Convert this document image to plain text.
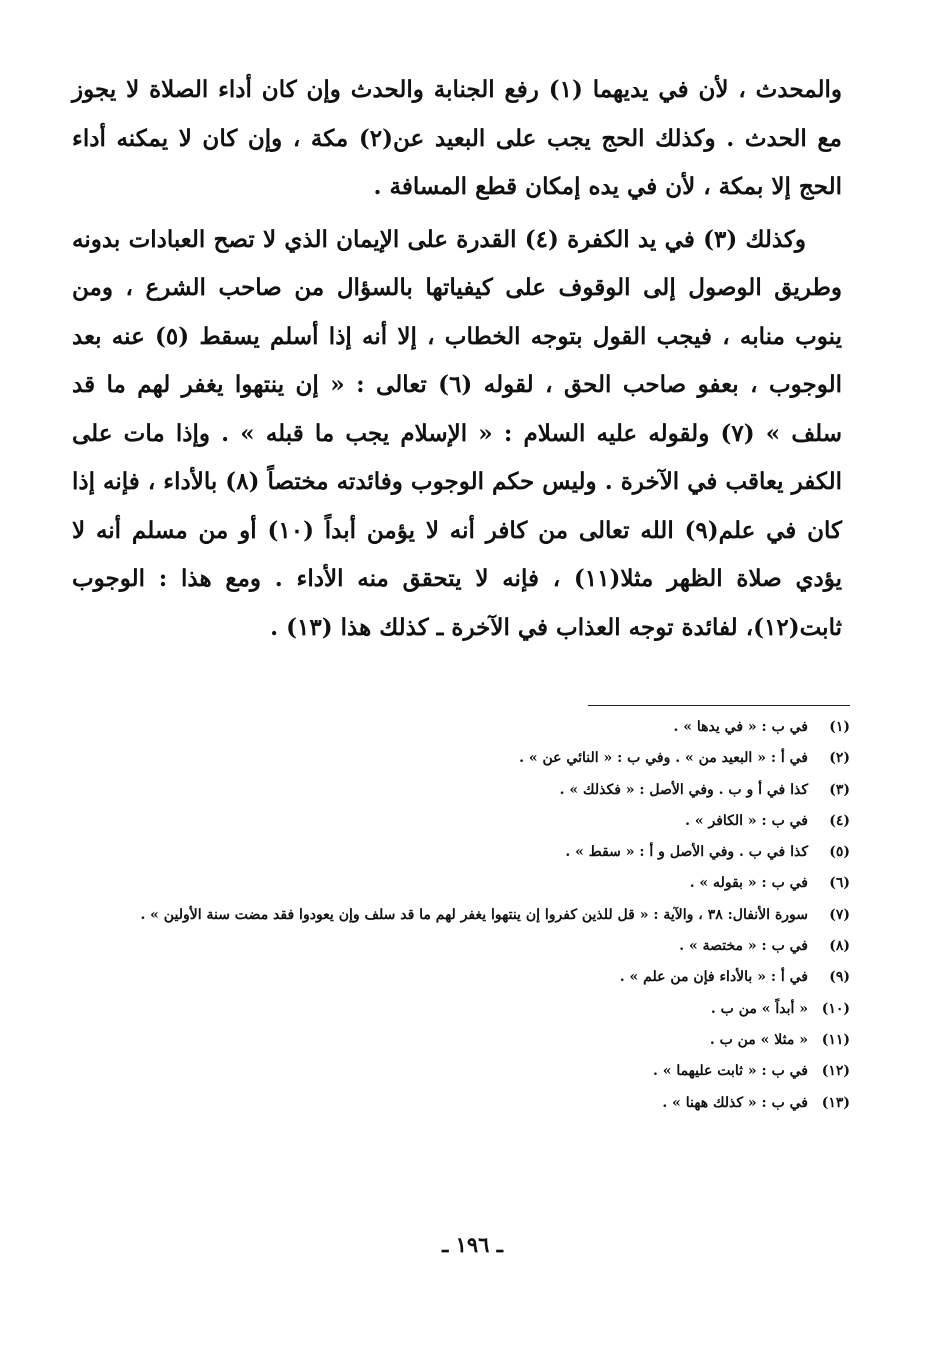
والمحدث ، لأن في يديهما (١) رفع الجنابة والحدث وإن كان أداء الصلاة لا يجوز مع الحدث . وكذلك الحج يجب على البعيد عن(٢) مكة ، وإن كان لا يمكنه أداء الحج إلا بمكة ، لأن في يده إمكان قطع المسافة .

وكذلك (٣) في يد الكفرة (٤) القدرة على الإيمان الذي لا تصح العبادات بدونه وطريق الوصول إلى الوقوف على كيفياتها بالسؤال من صاحب الشرع ، ومن ينوب منابه ، فيجب القول بتوجه الخطاب ، إلا أنه إذا أسلم يسقط (٥) عنه بعد الوجوب ، بعفو صاحب الحق ، لقوله (٦) تعالى : « إن ينتهوا يغفر لهم ما قد سلف » (٧) ولقوله عليه السلام : « الإسلام يجب ما قبله » . وإذا مات على الكفر يعاقب في الآخرة . وليس حكم الوجوب وفائدته مختصاً (٨) بالأداء ، فإنه إذا كان في علم(٩) الله تعالى من كافر أنه لا يؤمن أبداً (١٠) أو من مسلم أنه لا يؤدي صلاة الظهر مثلا(١١) ، فإنه لا يتحقق منه الأداء . ومع هذا : الوجوب ثابت(١٢)، لفائدة توجه العذاب في الآخرة ـ كذلك هذا (١٣) .

(١)
في ب : « في يدها » .
(٢)
في أ : « البعيد من » . وفي ب : « النائي عن » .
(٣)
كذا في أ و ب . وفي الأصل : « فكذلك » .
(٤)
في ب : « الكافر » .
(٥)
كذا في ب . وفي الأصل و أ : « سقط » .
(٦)
في ب : « بقوله » .
(٧)
سورة الأنفال: ٣٨ ، والآية : « قل للذين كفروا إن ينتهوا يغفر لهم ما قد سلف وإن يعودوا فقد مضت سنة الأولين » .
(٨)
في ب : « مختصة » .
(٩)
في أ : « بالأداء فإن من علم » .
(١٠)
« أبداً » من ب .
(١١)
« مثلا » من ب .
(١٢)
في ب : « ثابت عليهما » .
(١٣)
في ب : « كذلك ههنا » .
ـ ١٩٦ ـ
